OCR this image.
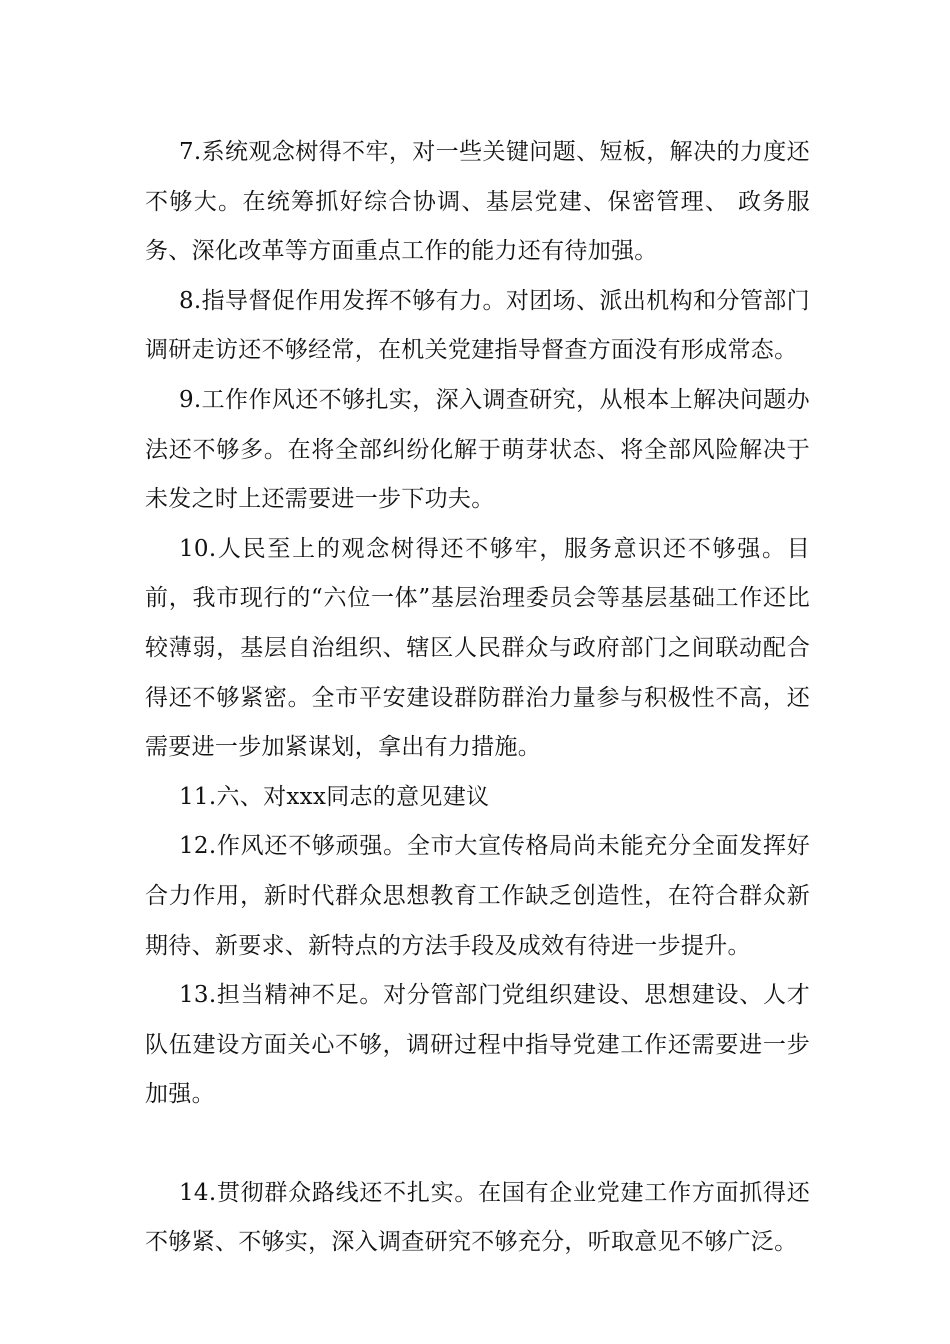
7.系统观念树得不牢，对一些关键问题、短板，解决的力度还不够大。在统筹抓好综合协调、基层党建、保密管理、 政务服务、深化改革等方面重点工作的能力还有待加强。

8.指导督促作用发挥不够有力。对团场、派出机构和分管部门调研走访还不够经常，在机关党建指导督查方面没有形成常态。

9.工作作风还不够扎实，深入调查研究，从根本上解决问题办法还不够多。在将全部纠纷化解于萌芽状态、将全部风险解决于未发之时上还需要进一步下功夫。

10.人民至上的观念树得还不够牢，服务意识还不够强。目前，我市现行的“六位一体”基层治理委员会等基层基础工作还比较薄弱，基层自治组织、辖区人民群众与政府部门之间联动配合得还不够紧密。全市平安建设群防群治力量参与积极性不高，还需要进一步加紧谋划，拿出有力措施。

11.六、对xxx同志的意见建议

12.作风还不够顽强。全市大宣传格局尚未能充分全面发挥好合力作用，新时代群众思想教育工作缺乏创造性，在符合群众新期待、新要求、新特点的方法手段及成效有待进一步提升。

13.担当精神不足。对分管部门党组织建设、思想建设、人才队伍建设方面关心不够，调研过程中指导党建工作还需要进一步加强。

14.贯彻群众路线还不扎实。在国有企业党建工作方面抓得还不够紧、不够实，深入调查研究不够充分，听取意见不够广泛。
